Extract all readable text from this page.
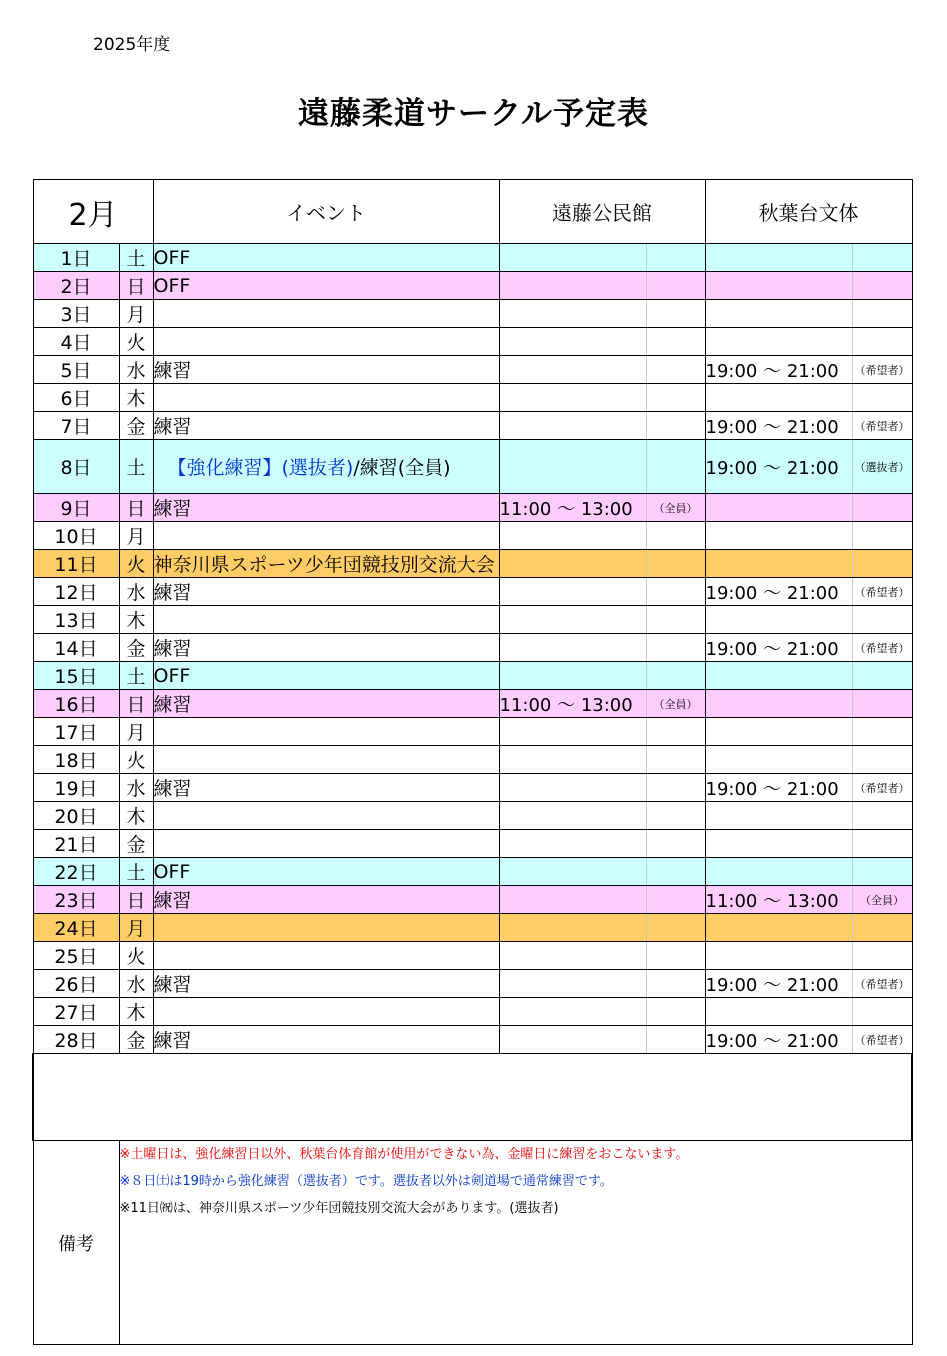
2025年度
遠藤柔道サークル予定表
2月		イベント	遠藤公民館		秋葉台文体	
1日	土	OFF				
2日	日	OFF				
3日	月					
4日	火					
5日	水	練習			19:00 〜 21:00	（希望者）
6日	木					
7日	金	練習			19:00 〜 21:00	（希望者）
8日	土	【強化練習】(選抜者)/練習(全員)			19:00 〜 21:00	（選抜者）
9日	日	練習	11:00 〜 13:00	（全員）		
10日	月					
11日	火	神奈川県スポーツ少年団競技別交流大会				
12日	水	練習			19:00 〜 21:00	（希望者）
13日	木					
14日	金	練習			19:00 〜 21:00	（希望者）
15日	土	OFF				
16日	日	練習	11:00 〜 13:00	（全員）		
17日	月					
18日	火					
19日	水	練習			19:00 〜 21:00	（希望者）
20日	木					
21日	金					
22日	土	OFF				
23日	日	練習			11:00 〜 13:00	（全員）
24日	月					
25日	火					
26日	水	練習			19:00 〜 21:00	（希望者）
27日	木					
28日	金	練習			19:00 〜 21:00	（希望者）

備考	※土曜日は、強化練習日以外、秋葉台体育館が使用ができない為、金曜日に練習をおこないます。
※８日㈯は19時から強化練習（選抜者）です。選抜者以外は剣道場で通常練習です。
※11日㈷は、神奈川県スポーツ少年団競技別交流大会があります。(選抜者)					
